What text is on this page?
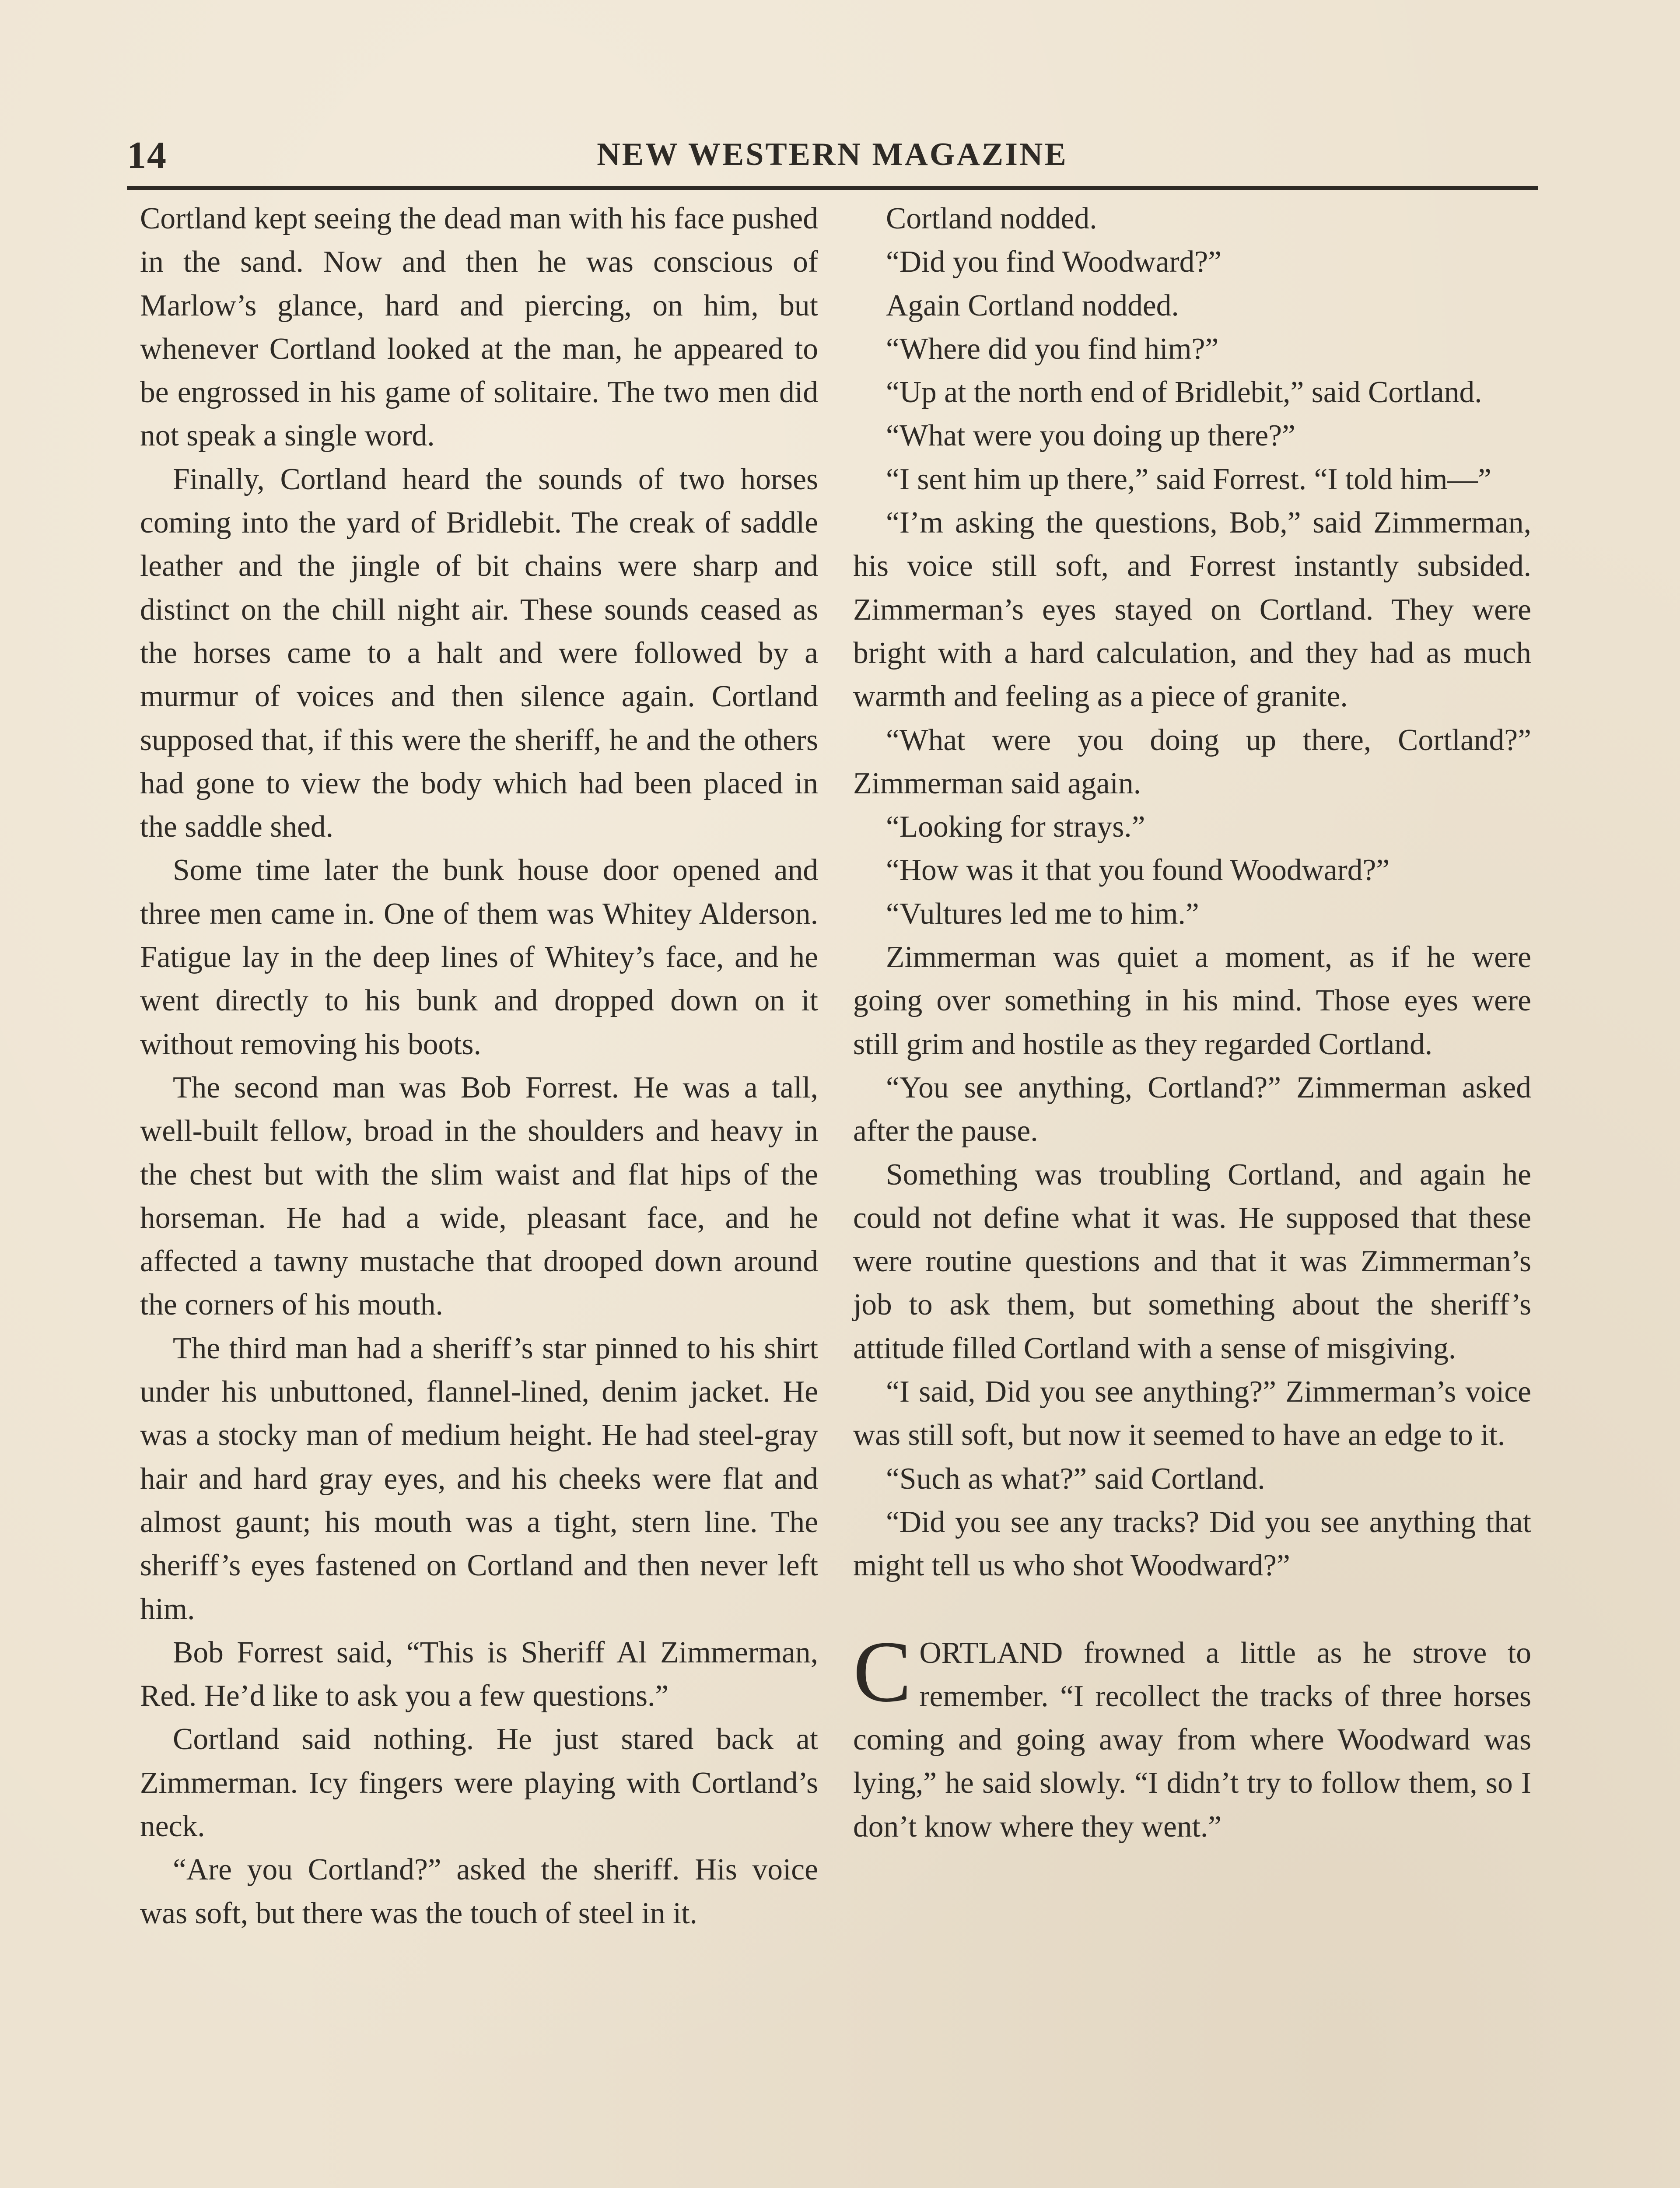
14	NEW WESTERN MAGAZINE

Cortland kept seeing the dead man with his face pushed in the sand. Now and then he was conscious of Marlow’s glance, hard and piercing, on him, but whenever Cortland looked at the man, he appeared to be engrossed in his game of solitaire. The two men did not speak a single word.

Finally, Cortland heard the sounds of two horses coming into the yard of Bridlebit. The creak of saddle leather and the jingle of bit chains were sharp and distinct on the chill night air. These sounds ceased as the horses came to a halt and were followed by a murmur of voices and then silence again. Cortland supposed that, if this were the sheriff, he and the others had gone to view the body which had been placed in the saddle shed.

Some time later the bunk house door opened and three men came in. One of them was Whitey Alderson. Fatigue lay in the deep lines of Whitey’s face, and he went directly to his bunk and dropped down on it without removing his boots.

The second man was Bob Forrest. He was a tall, well-built fellow, broad in the shoulders and heavy in the chest but with the slim waist and flat hips of the horseman. He had a wide, pleasant face, and he affected a tawny mustache that drooped down around the corners of his mouth.

The third man had a sheriff’s star pinned to his shirt under his unbuttoned, flannel-lined, denim jacket. He was a stocky man of medium height. He had steel-gray hair and hard gray eyes, and his cheeks were flat and almost gaunt; his mouth was a tight, stern line. The sheriff’s eyes fastened on Cortland and then never left him.

Bob Forrest said, “This is Sheriff Al Zimmerman, Red. He’d like to ask you a few questions.”

Cortland said nothing. He just stared back at Zimmerman. Icy fingers were playing with Cortland’s neck.

“Are you Cortland?” asked the sheriff. His voice was soft, but there was the touch of steel in it.

Cortland nodded.

“Did you find Woodward?”

Again Cortland nodded.

“Where did you find him?”

“Up at the north end of Bridlebit,” said Cortland.

“What were you doing up there?”

“I sent him up there,” said Forrest. “I told him—”

“I’m asking the questions, Bob,” said Zimmerman, his voice still soft, and Forrest instantly subsided. Zimmerman’s eyes stayed on Cortland. They were bright with a hard calculation, and they had as much warmth and feeling as a piece of granite.

“What were you doing up there, Cortland?” Zimmerman said again.

“Looking for strays.”

“How was it that you found Woodward?”

“Vultures led me to him.”

Zimmerman was quiet a moment, as if he were going over something in his mind. Those eyes were still grim and hostile as they regarded Cortland.

“You see anything, Cortland?” Zimmerman asked after the pause.

Something was troubling Cortland, and again he could not define what it was. He supposed that these were routine questions and that it was Zimmerman’s job to ask them, but something about the sheriff’s attitude filled Cortland with a sense of misgiving.

“I said, Did you see anything?” Zimmerman’s voice was still soft, but now it seemed to have an edge to it.

“Such as what?” said Cortland.

“Did you see any tracks? Did you see anything that might tell us who shot Woodward?”

CORTLAND frowned a little as he strove to remember. “I recollect the tracks of three horses coming and going away from where Woodward was lying,” he said slowly. “I didn’t try to follow them, so I don’t know where they went.”
